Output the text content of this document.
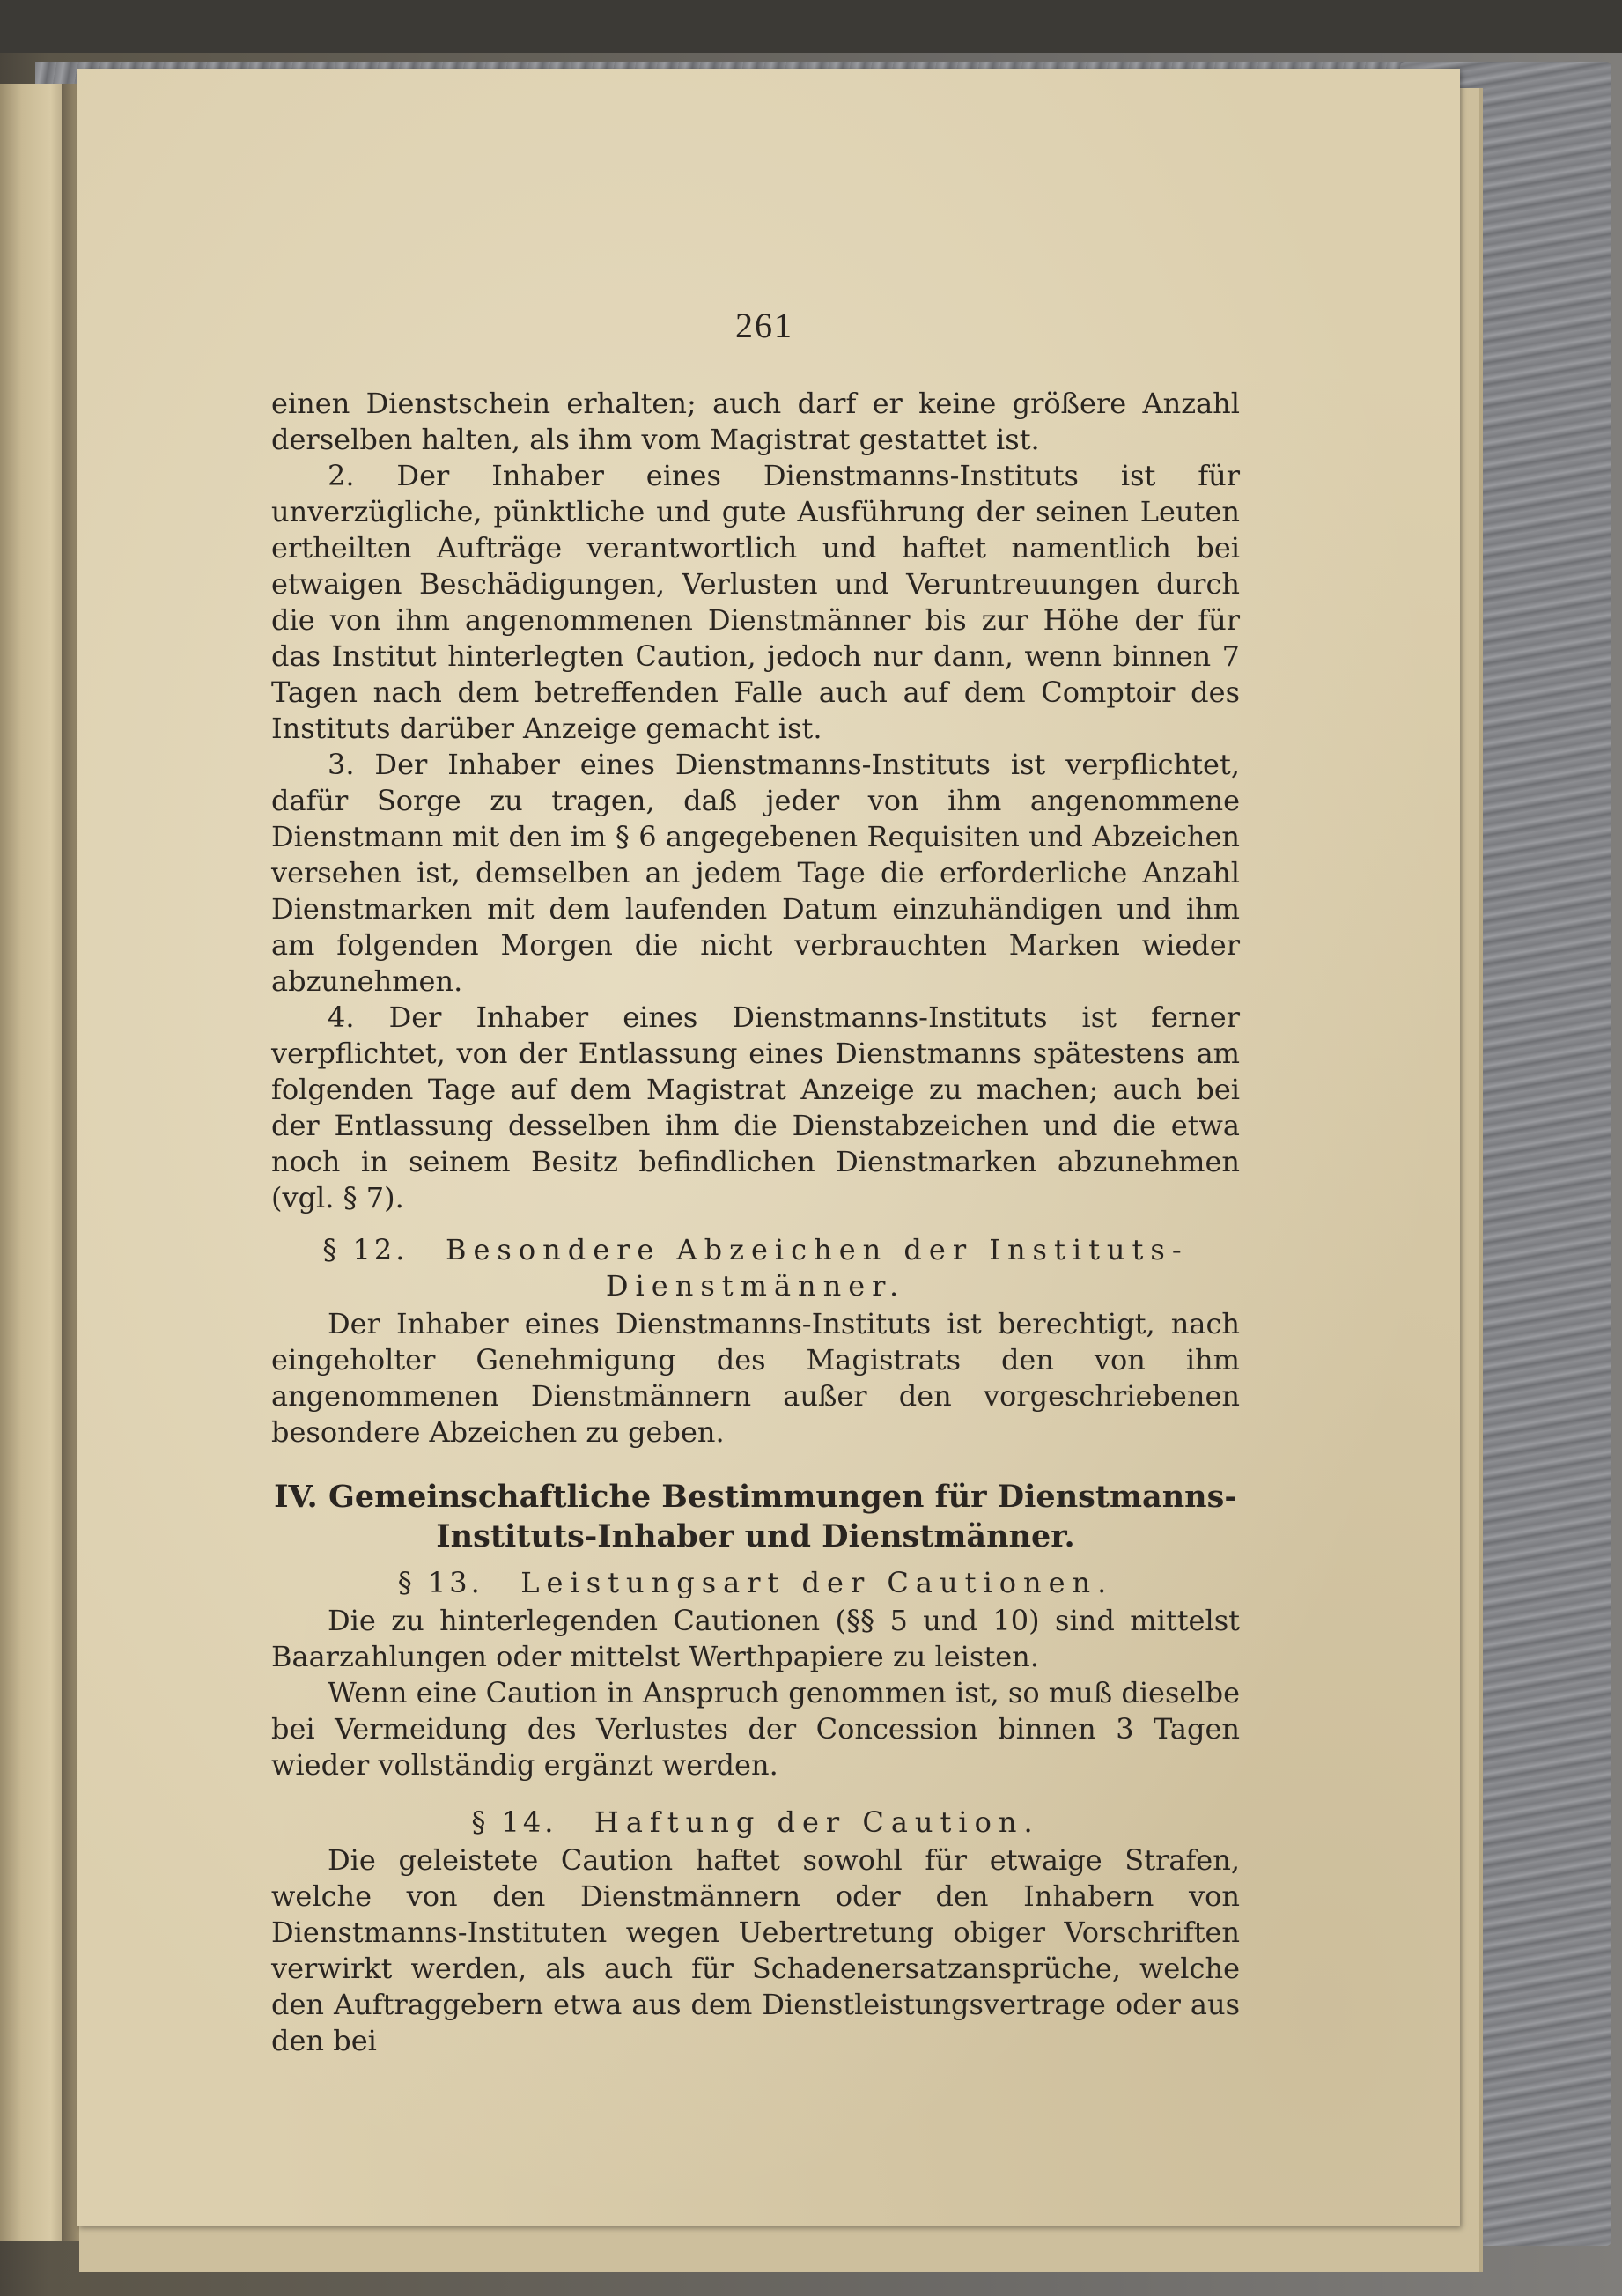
261

einen Dienstschein erhalten; auch darf er keine größere Anzahl derselben halten, als ihm vom Magistrat gestattet ist.

2. Der Inhaber eines Dienstmanns-Instituts ist für unverzügliche, pünktliche und gute Ausführung der seinen Leuten ertheilten Aufträge verantwortlich und haftet namentlich bei etwaigen Beschädigungen, Verlusten und Veruntreuungen durch die von ihm angenommenen Dienstmänner bis zur Höhe der für das Institut hinterlegten Caution, jedoch nur dann, wenn binnen 7 Tagen nach dem betreffenden Falle auch auf dem Comptoir des Instituts darüber Anzeige gemacht ist.

3. Der Inhaber eines Dienstmanns-Instituts ist verpflichtet, dafür Sorge zu tragen, daß jeder von ihm angenommene Dienstmann mit den im § 6 angegebenen Requisiten und Abzeichen versehen ist, demselben an jedem Tage die erforderliche Anzahl Dienstmarken mit dem laufenden Datum einzuhändigen und ihm am folgenden Morgen die nicht verbrauchten Marken wieder abzunehmen.

4. Der Inhaber eines Dienstmanns-Instituts ist ferner verpflichtet, von der Entlassung eines Dienstmanns spätestens am folgenden Tage auf dem Magistrat Anzeige zu machen; auch bei der Entlassung desselben ihm die Dienstabzeichen und die etwa noch in seinem Besitz befindlichen Dienstmarken abzunehmen (vgl. § 7).

§ 12. Besondere Abzeichen der Instituts-Dienstmänner.

Der Inhaber eines Dienstmanns-Instituts ist berechtigt, nach eingeholter Genehmigung des Magistrats den von ihm angenommenen Dienstmännern außer den vorgeschriebenen besondere Abzeichen zu geben.

IV. Gemeinschaftliche Bestimmungen für Dienstmanns-Instituts-Inhaber und Dienstmänner.
§ 13. Leistungsart der Cautionen.

Die zu hinterlegenden Cautionen (§§ 5 und 10) sind mittelst Baarzahlungen oder mittelst Werthpapiere zu leisten.

Wenn eine Caution in Anspruch genommen ist, so muß dieselbe bei Vermeidung des Verlustes der Concession binnen 3 Tagen wieder vollständig ergänzt werden.

§ 14. Haftung der Caution.

Die geleistete Caution haftet sowohl für etwaige Strafen, welche von den Dienstmännern oder den Inhabern von Dienstmanns-Instituten wegen Uebertretung obiger Vorschriften verwirkt werden, als auch für Schadenersatzansprüche, welche den Auftraggebern etwa aus dem Dienstleistungsvertrage oder aus den bei
